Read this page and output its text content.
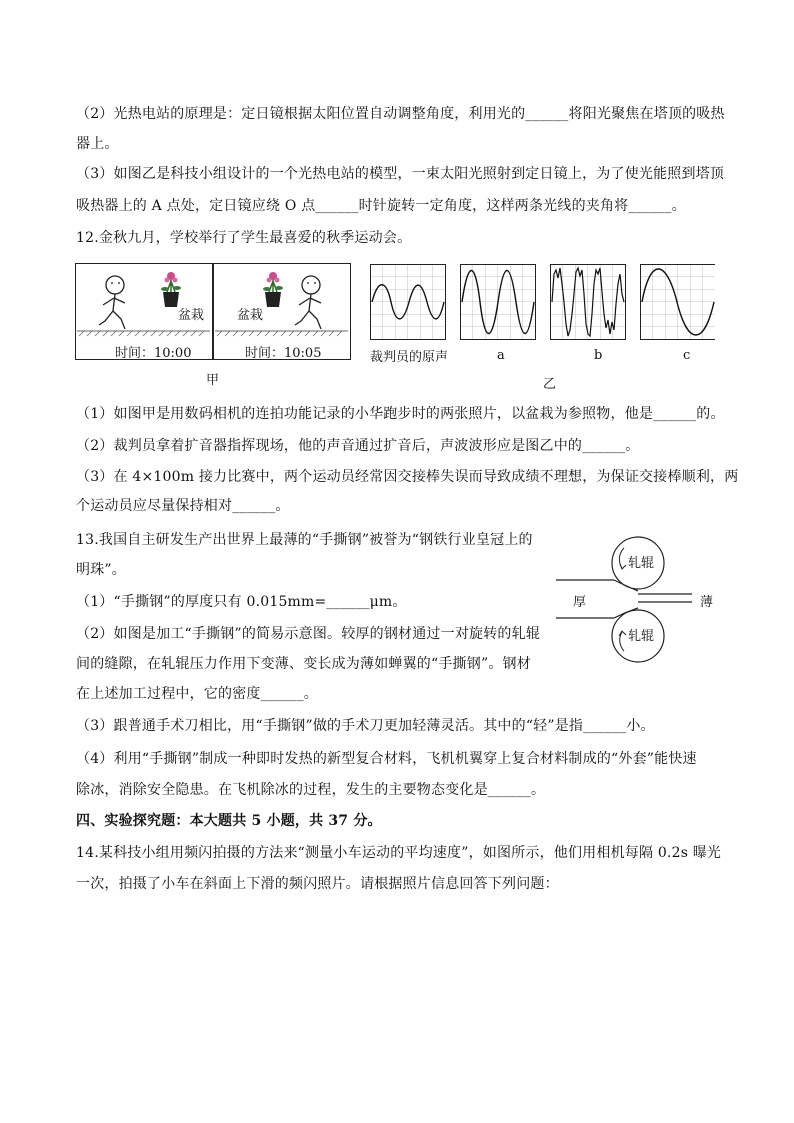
（2）光热电站的原理是：定日镜根据太阳位置自动调整角度，利用光的______将阳光聚焦在塔顶的吸热
器上。
（3）如图乙是科技小组设计的一个光热电站的模型，一束太阳光照射到定日镜上，为了使光能照到塔顶
吸热器上的 A 点处，定日镜应绕 O 点______时针旋转一定角度，这样两条光线的夹角将______。
12.金秋九月，学校举行了学生最喜爱的秋季运动会。
盆栽
时间：10:00
盆栽
时间：10:05
甲
裁判员的原声	a	b	c
乙
（1）如图甲是用数码相机的连拍功能记录的小华跑步时的两张照片，以盆栽为参照物，他是______的。
（2）裁判员拿着扩音器指挥现场，他的声音通过扩音后，声波波形应是图乙中的______。
（3）在 4×100m 接力比赛中，两个运动员经常因交接棒失误而导致成绩不理想，为保证交接棒顺利，两
个运动员应尽量保持相对______。
13.我国自主研发生产出世界上最薄的“手撕钢”被誉为“钢铁行业皇冠上的
明珠”。
（1）“手撕钢”的厚度只有 0.015mm=______μm。
（2）如图是加工“手撕钢”的简易示意图。较厚的钢材通过一对旋转的轧辊
间的缝隙，在轧辊压力作用下变薄、变长成为薄如蝉翼的“手撕钢”。钢材
在上述加工过程中，它的密度______。
轧辊
轧辊
厚	薄
（3）跟普通手术刀相比，用“手撕钢”做的手术刀更加轻薄灵活。其中的“轻”是指______小。
（4）利用“手撕钢”制成一种即时发热的新型复合材料，飞机机翼穿上复合材料制成的“外套”能快速
除冰，消除安全隐患。在飞机除冰的过程，发生的主要物态变化是______。
四、实验探究题：本大题共 5 小题，共 37 分。
14.某科技小组用频闪拍摄的方法来“测量小车运动的平均速度”，如图所示，他们用相机每隔 0.2s 曝光
一次，拍摄了小车在斜面上下滑的频闪照片。请根据照片信息回答下列问题：
